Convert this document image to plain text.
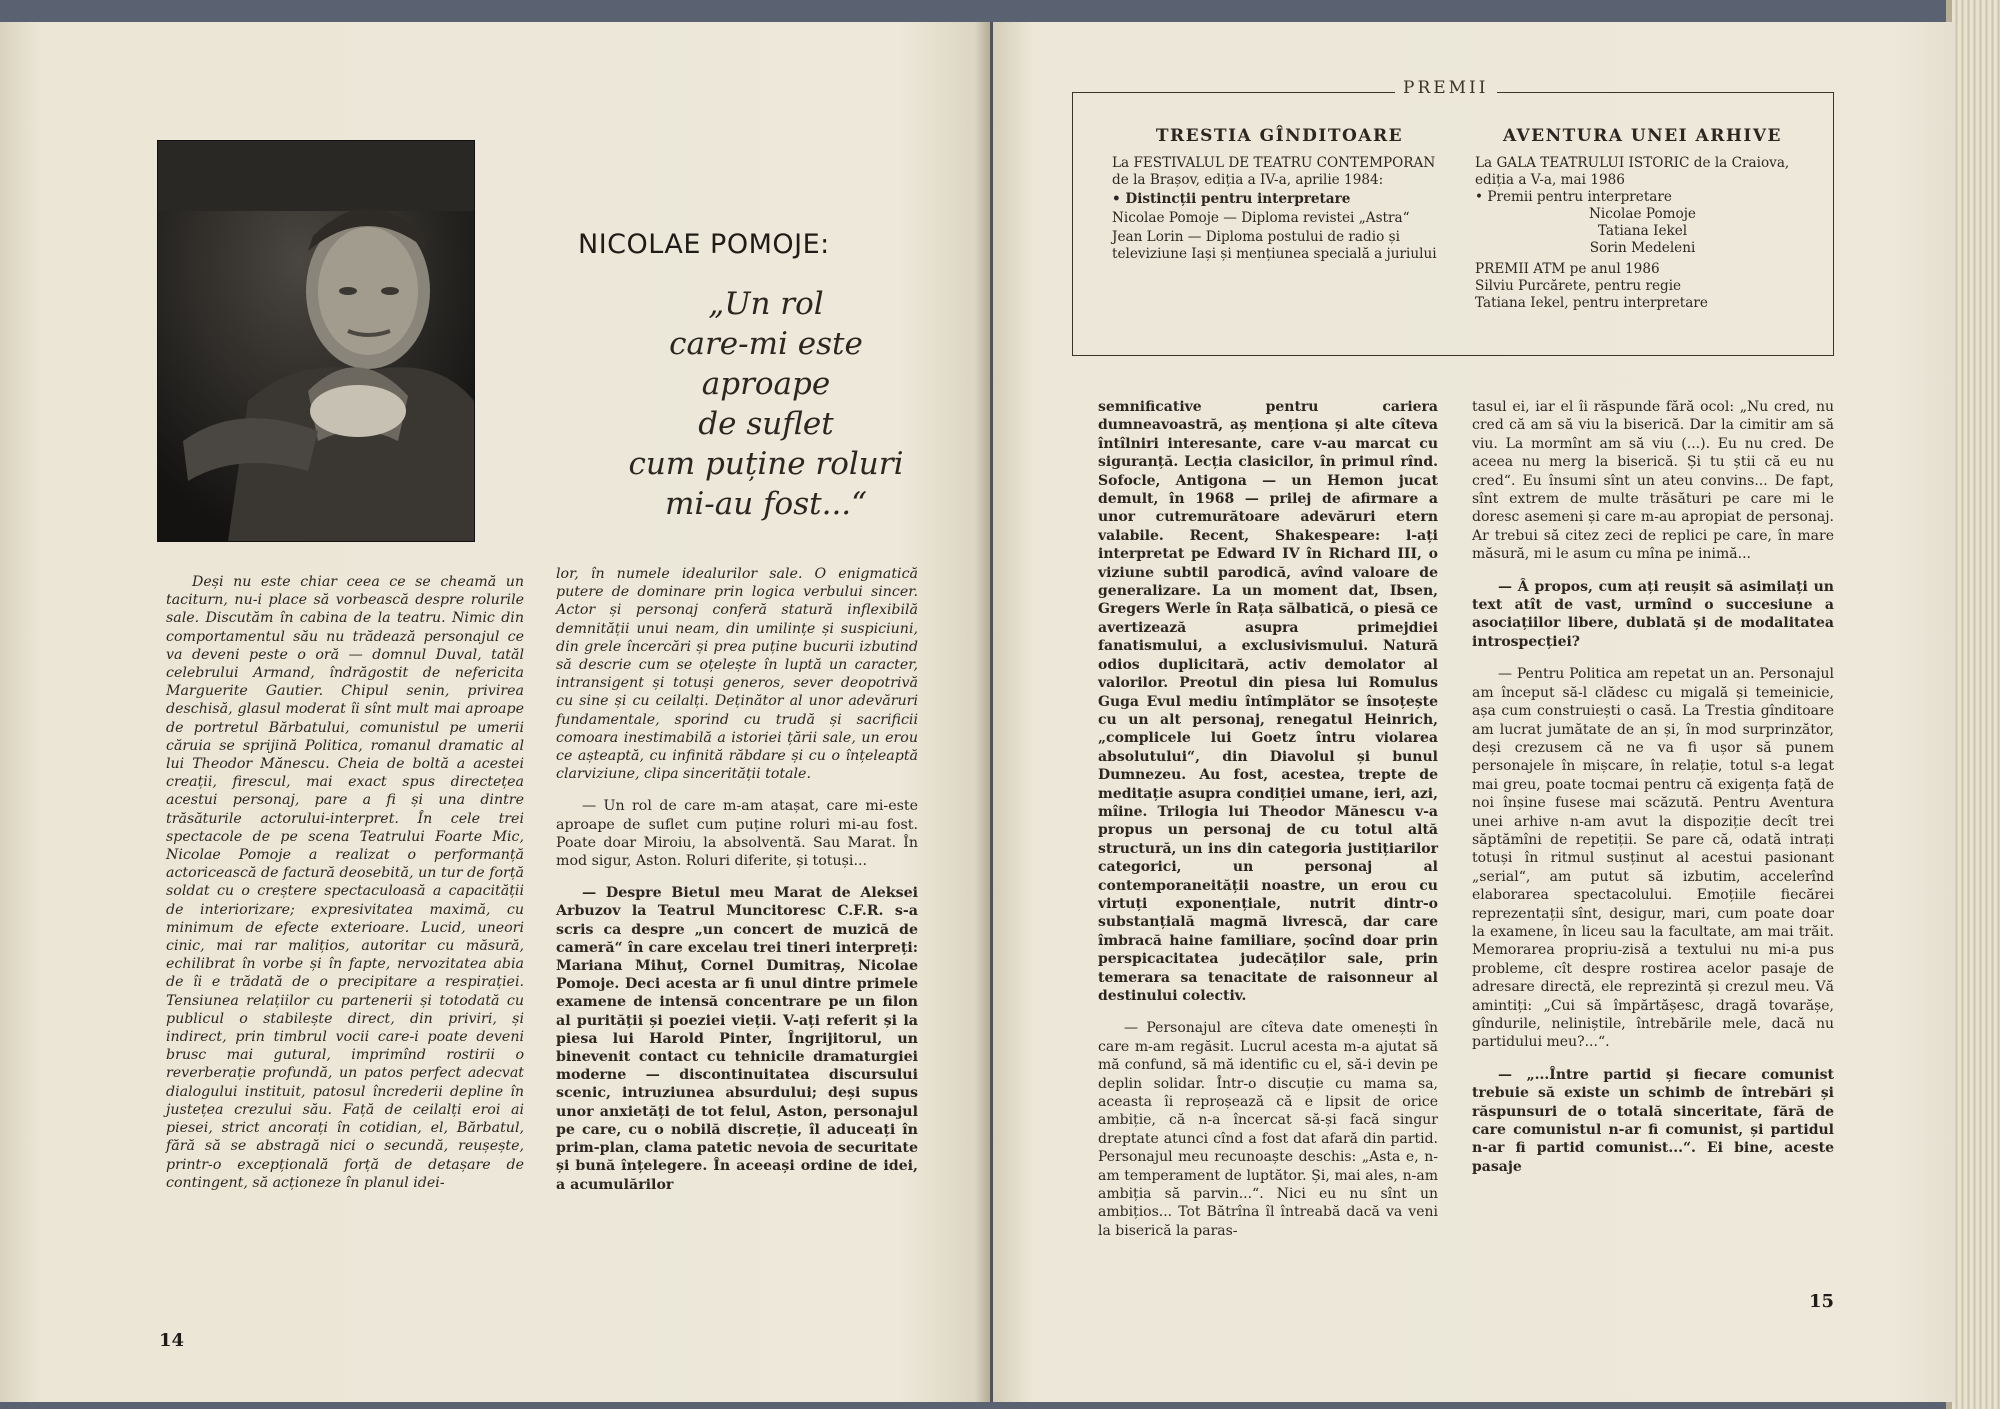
NICOLAE POMOJE:
„Un rol
care-mi este aproape
de suflet
cum puține roluri
mi-au fost...“

Deși nu este chiar ceea ce se cheamă un taciturn, nu-i place să vorbească despre rolurile sale. Discutăm în cabina de la teatru. Nimic din comportamentul său nu trădează personajul ce va deveni peste o oră — domnul Duval, tatăl celebrului Armand, îndrăgostit de nefericita Marguerite Gautier. Chipul senin, privirea deschisă, glasul moderat îi sînt mult mai aproape de portretul Bărbatului, comunistul pe umerii căruia se sprijină Politica, romanul dramatic al lui Theodor Mănescu. Cheia de boltă a acestei creații, firescul, mai exact spus directețea acestui personaj, pare a fi și una dintre trăsăturile actorului-interpret. În cele trei spectacole de pe scena Teatrului Foarte Mic, Nicolae Pomoje a realizat o performanță actoricească de factură deosebită, un tur de forță soldat cu o creștere spectaculoasă a capacității de interiorizare; expresivitatea maximă, cu minimum de efecte exterioare. Lucid, uneori cinic, mai rar malițios, autoritar cu măsură, echilibrat în vorbe și în fapte, nervozitatea abia de îi e trădată de o precipitare a respirației. Tensiunea relațiilor cu partenerii și totodată cu publicul o stabilește direct, din priviri, și indirect, prin timbrul vocii care-i poate deveni brusc mai gutural, imprimînd rostirii o reverberație profundă, un patos perfect adecvat dialogului instituit, patosul încrederii depline în justețea crezului său. Față de ceilalți eroi ai piesei, strict ancorați în cotidian, el, Bărbatul, fără să se abstragă nici o secundă, reușește, printr-o excepțională forță de detașare de contingent, să acționeze în planul idei-

lor, în numele idealurilor sale. O enigmatică putere de dominare prin logica verbului sincer. Actor și personaj conferă statură inflexibilă demnității unui neam, din umilințe și suspiciuni, din grele încercări și prea puține bucurii izbutind să descrie cum se oțelește în luptă un caracter, intransigent și totuși generos, sever deopotrivă cu sine și cu ceilalți. Deținător al unor adevăruri fundamentale, sporind cu trudă și sacrificii comoara inestimabilă a istoriei țării sale, un erou ce așteaptă, cu infinită răbdare și cu o înțeleaptă clarviziune, clipa sincerității totale.

— Un rol de care m-am atașat, care mi-este aproape de suflet cum puține roluri mi-au fost. Poate doar Miroiu, la absolventă. Sau Marat. În mod sigur, Aston. Roluri diferite, și totuși...

— Despre Bietul meu Marat de Aleksei Arbuzov la Teatrul Muncitoresc C.F.R. s-a scris ca despre „un concert de muzică de cameră“ în care excelau trei tineri interpreți: Mariana Mihuț, Cornel Dumitraș, Nicolae Pomoje. Deci acesta ar fi unul dintre primele examene de intensă concentrare pe un filon al purității și poeziei vieții. V-ați referit și la piesa lui Harold Pinter, Îngrijitorul, un binevenit contact cu tehnicile dramaturgiei moderne — discontinuitatea discursului scenic, intruziunea absurdului; deși supus unor anxietăți de tot felul, Aston, personajul pe care, cu o nobilă discreție, îl aduceați în prim-plan, clama patetic nevoia de securitate și bună înțelegere. În aceeași ordine de idei, a acumulărilor

14
PREMII
TRESTIA GÎNDITOARE

La FESTIVALUL DE TEATRU CONTEMPORAN de la Brașov, ediția a IV-a, aprilie 1984:

• Distincții pentru interpretare

Nicolae Pomoje — Diploma revistei „Astra“

Jean Lorin — Diploma postului de radio și televiziune Iași și mențiunea specială a juriului

AVENTURA UNEI ARHIVE

La GALA TEATRULUI ISTORIC de la Craiova, ediția a V-a, mai 1986

• Premii pentru interpretare

Nicolae Pomoje

Tatiana Iekel

Sorin Medeleni

PREMII ATM pe anul 1986

Silviu Purcărete, pentru regie

Tatiana Iekel, pentru interpretare

semnificative pentru cariera dumneavoastră, aș menționa și alte cîteva întîlniri interesante, care v-au marcat cu siguranță. Lecția clasicilor, în primul rînd. Sofocle, Antigona — un Hemon jucat demult, în 1968 — prilej de afirmare a unor cutremurătoare adevăruri etern valabile. Recent, Shakespeare: l-ați interpretat pe Edward IV în Richard III, o viziune subtil parodică, avînd valoare de generalizare. La un moment dat, Ibsen, Gregers Werle în Rața sălbatică, o piesă ce avertizează asupra primejdiei fanatismului, a exclusivismului. Natură odios duplicitară, activ demolator al valorilor. Preotul din piesa lui Romulus Guga Evul mediu întîmplător se însoțește cu un alt personaj, renegatul Heinrich, „complicele lui Goetz întru violarea absolutului“, din Diavolul și bunul Dumnezeu. Au fost, acestea, trepte de meditație asupra condiției umane, ieri, azi, mîine. Trilogia lui Theodor Mănescu v-a propus un personaj de cu totul altă structură, un ins din categoria justițiarilor categorici, un personaj al contemporaneității noastre, un erou cu virtuți exponențiale, nutrit dintr-o substanțială magmă livrescă, dar care îmbracă haine familiare, șocînd doar prin perspicacitatea judecăților sale, prin temerara sa tenacitate de raisonneur al destinului colectiv.

— Personajul are cîteva date omenești în care m-am regăsit. Lucrul acesta m-a ajutat să mă confund, să mă identific cu el, să-i devin pe deplin solidar. Într-o discuție cu mama sa, aceasta îi reproșează că e lipsit de orice ambiție, că n-a încercat să-și facă singur dreptate atunci cînd a fost dat afară din partid. Personajul meu recunoaște deschis: „Asta e, n-am temperament de luptător. Și, mai ales, n-am ambiția să parvin...“. Nici eu nu sînt un ambițios... Tot Bătrîna îl întreabă dacă va veni la biserică la paras-

tasul ei, iar el îi răspunde fără ocol: „Nu cred, nu cred că am să viu la biserică. Dar la cimitir am să viu. La mormînt am să viu (...). Eu nu cred. De aceea nu merg la biserică. Și tu știi că eu nu cred“. Eu însumi sînt un ateu convins... De fapt, sînt extrem de multe trăsături pe care mi le doresc asemeni și care m-au apropiat de personaj. Ar trebui să citez zeci de replici pe care, în mare măsură, mi le asum cu mîna pe inimă...

— Â propos, cum ați reușit să asimilați un text atît de vast, urmînd o succesiune a asociațiilor libere, dublată și de modalitatea introspecției?

— Pentru Politica am repetat un an. Personajul am început să-l clădesc cu migală și temeinicie, așa cum construiești o casă. La Trestia gînditoare am lucrat jumătate de an și, în mod surprinzător, deși crezusem că ne va fi ușor să punem personajele în mișcare, în relație, totul s-a legat mai greu, poate tocmai pentru că exigența față de noi înșine fusese mai scăzută. Pentru Aventura unei arhive n-am avut la dispoziție decît trei săptămîni de repetiții. Se pare că, odată intrați totuși în ritmul susținut al acestui pasionant „serial“, am putut să izbutim, accelerînd elaborarea spectacolului. Emoțiile fiecărei reprezentații sînt, desigur, mari, cum poate doar la examene, în liceu sau la facultate, am mai trăit. Memorarea propriu-zisă a textului nu mi-a pus probleme, cît despre rostirea acelor pasaje de adresare directă, ele reprezintă și crezul meu. Vă amintiți: „Cui să împărtășesc, dragă tovarășe, gîndurile, neliniștile, întrebările mele, dacă nu partidului meu?...“.

— „...Între partid și fiecare comunist trebuie să existe un schimb de întrebări și răspunsuri de o totală sinceritate, fără de care comunistul n-ar fi comunist, și partidul n-ar fi partid comunist...“. Ei bine, aceste pasaje

15
